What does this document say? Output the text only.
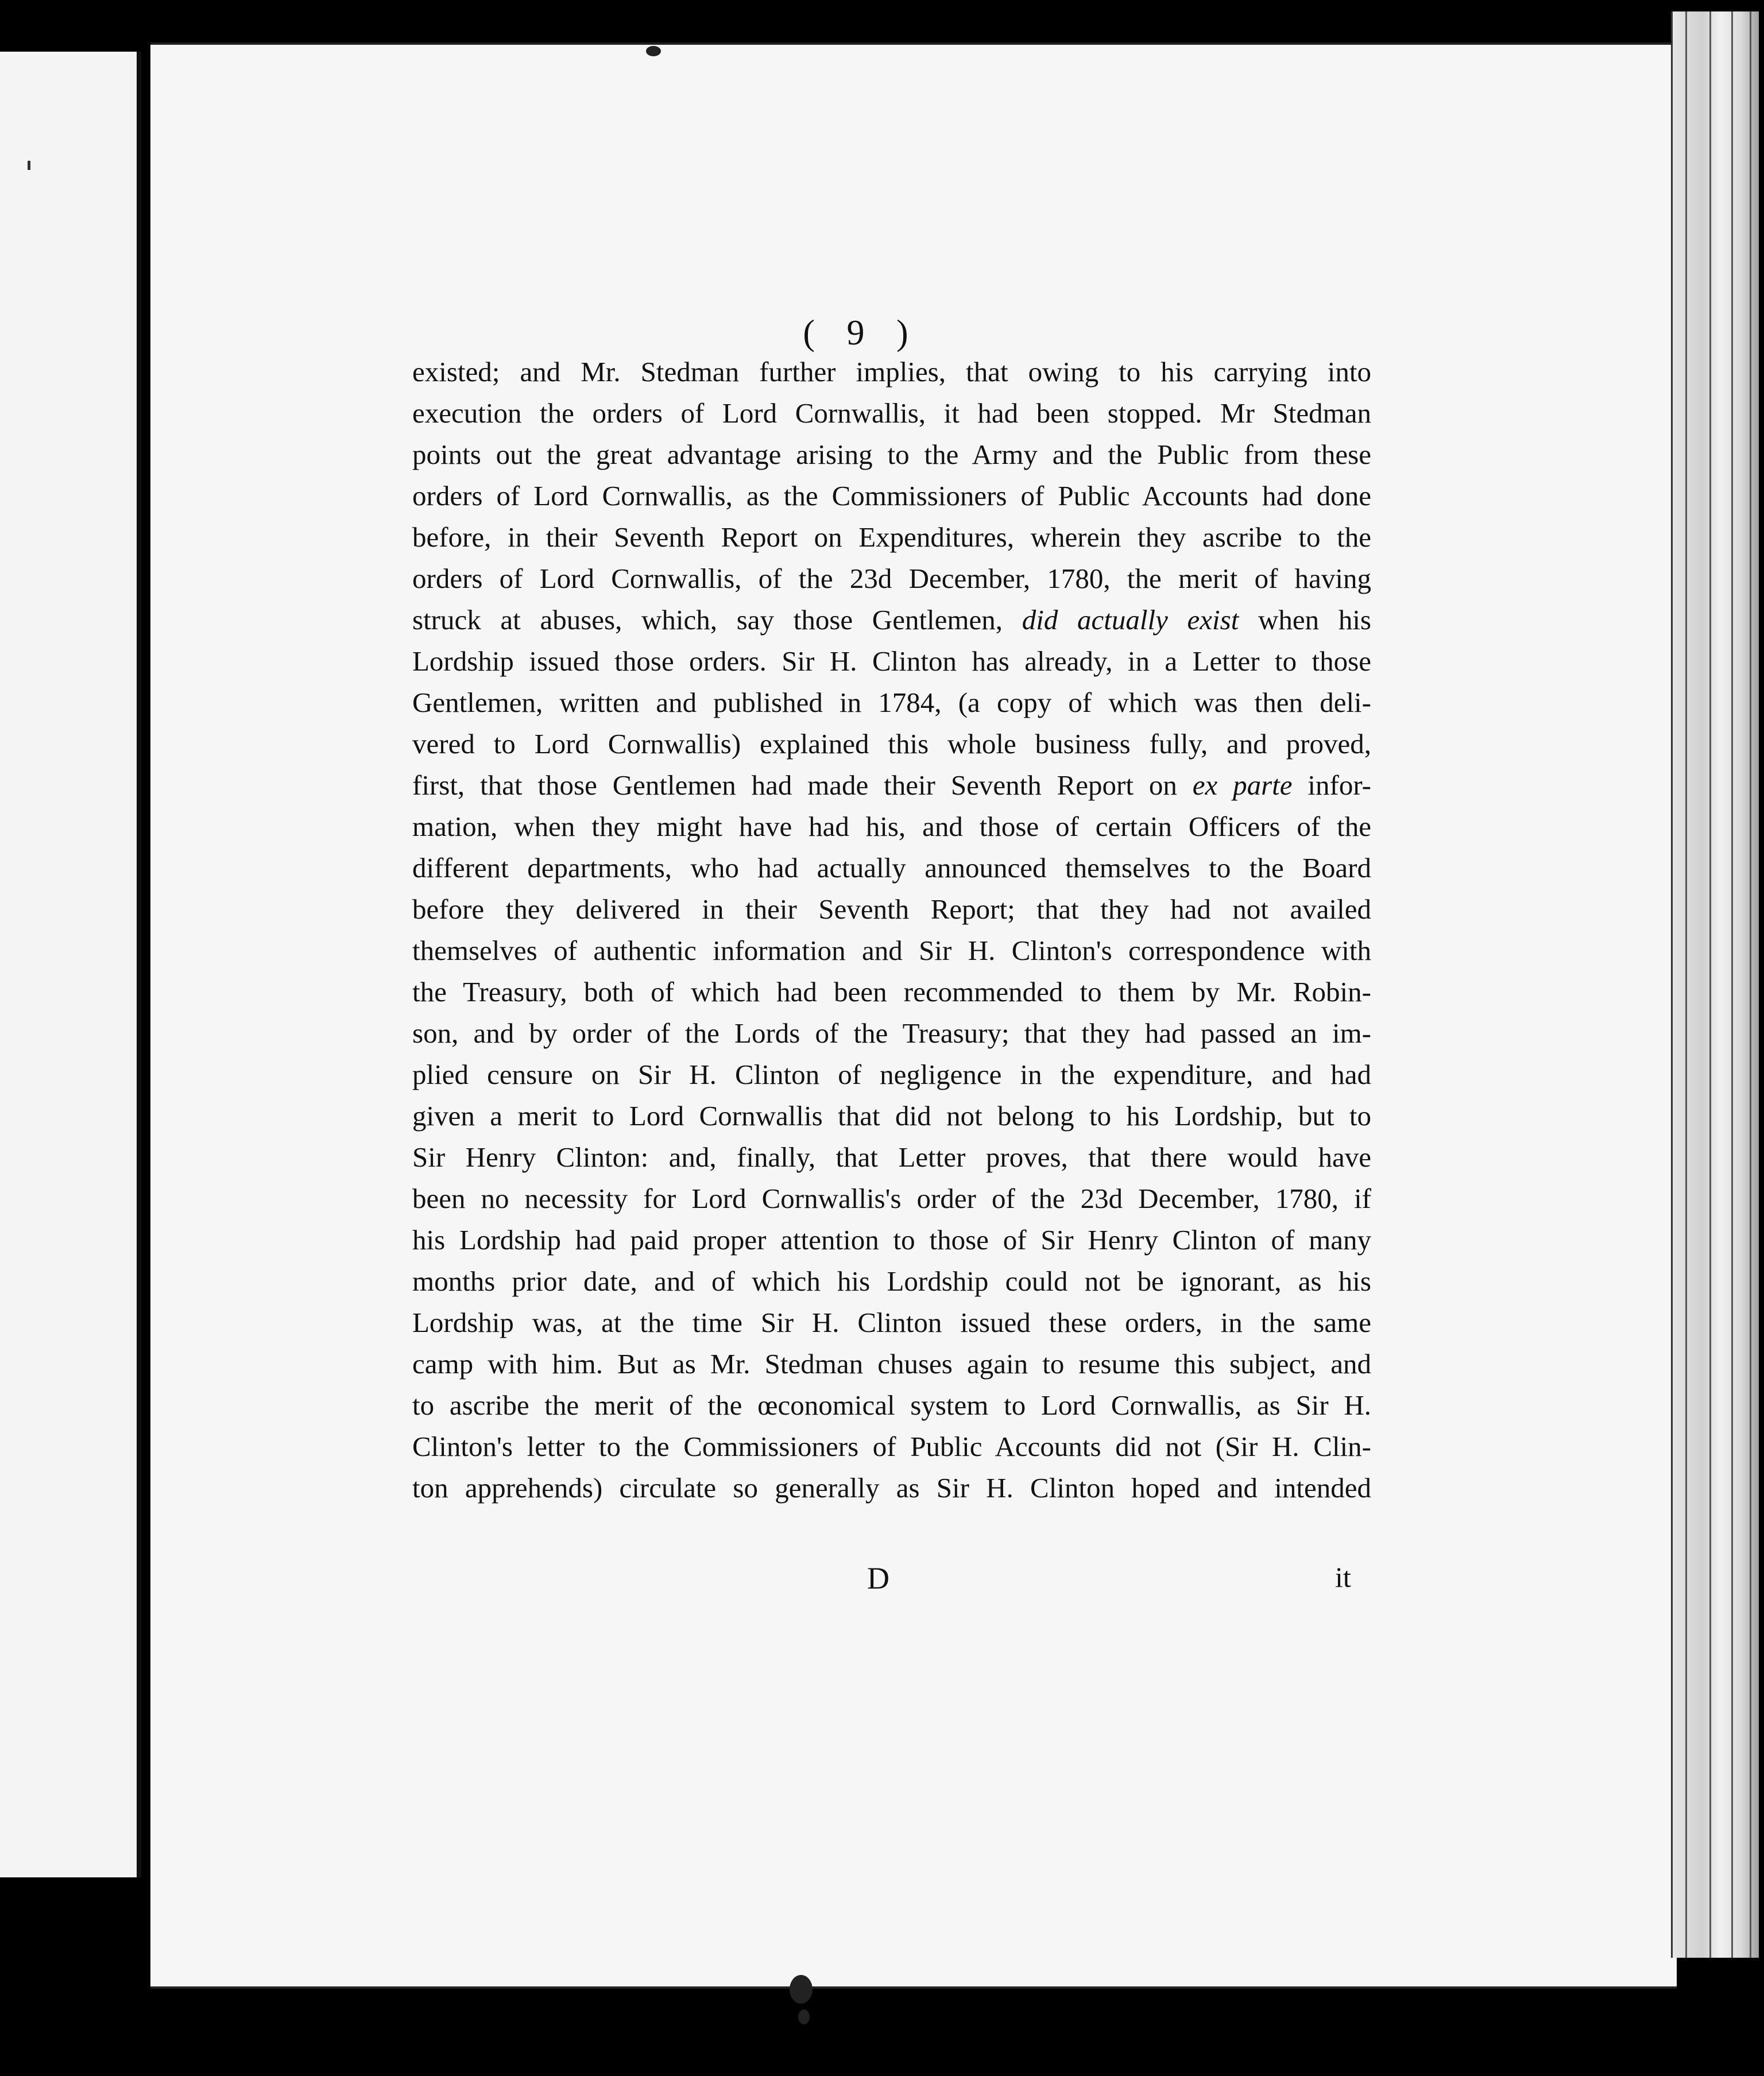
( 9 )
existed; and Mr. Stedman further implies, that owing to his carrying into
execution the orders of Lord Cornwallis, it had been stopped. Mr Stedman
points out the great advantage arising to the Army and the Public from these
orders of Lord Cornwallis, as the Commissioners of Public Accounts had done
before, in their Seventh Report on Expenditures, wherein they ascribe to the
orders of Lord Cornwallis, of the 23d December, 1780, the merit of having
struck at abuses, which, say those Gentlemen, did actually exist when his
Lordship issued those orders. Sir H. Clinton has already, in a Letter to those
Gentlemen, written and published in 1784, (a copy of which was then deli-
vered to Lord Cornwallis) explained this whole business fully, and proved,
first, that those Gentlemen had made their Seventh Report on ex parte infor-
mation, when they might have had his, and those of certain Officers of the
different departments, who had actually announced themselves to the Board
before they delivered in their Seventh Report; that they had not availed
themselves of authentic information and Sir H. Clinton's correspondence with
the Treasury, both of which had been recommended to them by Mr. Robin-
son, and by order of the Lords of the Treasury; that they had passed an im-
plied censure on Sir H. Clinton of negligence in the expenditure, and had
given a merit to Lord Cornwallis that did not belong to his Lordship, but to
Sir Henry Clinton: and, finally, that Letter proves, that there would have
been no necessity for Lord Cornwallis's order of the 23d December, 1780, if
his Lordship had paid proper attention to those of Sir Henry Clinton of many
months prior date, and of which his Lordship could not be ignorant, as his
Lordship was, at the time Sir H. Clinton issued these orders, in the same
camp with him. But as Mr. Stedman chuses again to resume this subject, and
to ascribe the merit of the œconomical system to Lord Cornwallis, as Sir H.
Clinton's letter to the Commissioners of Public Accounts did not (Sir H. Clin-
ton apprehends) circulate so generally as Sir H. Clinton hoped and intended
D	it
